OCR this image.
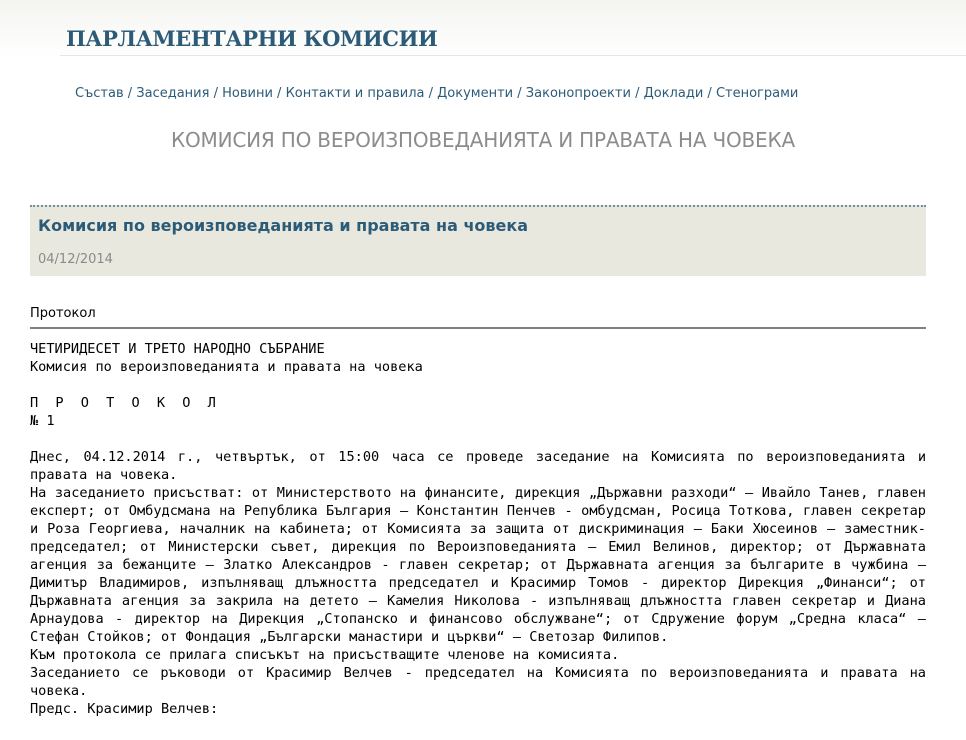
ПАРЛАМЕНТАРНИ КОМИСИИ
Състав / Заседания / Новини / Контакти и правила / Документи / Законопроекти / Доклади / Стенограми
КОМИСИЯ ПО ВЕРОИЗПОВЕДАНИЯТА И ПРАВАТА НА ЧОВЕКА
Комисия по вероизповеданията и правата на човека
04/12/2014
Протокол

ЧЕТИРИДЕСЕТ И ТРЕТО НАРОДНО СЪБРАНИЕ

Комисия по вероизповеданията и правата на човека

П Р О Т О К О Л

№ 1

Днес, 04.12.2014 г., четвъртък, от 15:00 часа се проведе заседание на Комисията по вероизповеданията и правата на човека.

На заседанието присъстват: от Министерството на финансите, дирекция „Държавни разходи“ – Ивайло Танев, главен експерт; от Омбудсмана на Република България – Константин Пенчев - омбудсман, Росица Тоткова, главен секретар и Роза Георгиева, началник на кабинета; от Комисията за защита от дискриминация – Баки Хюсеинов – заместник- председател; от Министерски съвет, дирекция по Вероизповеданията – Емил Велинов, директор; от Държавната агенция за бежанците – Златко Александров - главен секретар; от Държавната агенция за българите в чужбина – Димитър Владимиров, изпълняващ длъжността председател и Красимир Томов - директор Дирекция „Финанси“; от Държавната агенция за закрила на детето – Камелия Николова - изпълняващ длъжността главен секретар и Диана Арнаудова - директор на Дирекция „Стопанско и финансово обслужване“; от Сдружение форум „Средна класа“ – Стефан Стойков; от Фондация „Български манастири и църкви“ – Светозар Филипов.

Към протокола се прилага списъкът на присъстващите членове на комисията.

Заседанието се ръководи от Красимир Велчев - председател на Комисията по вероизповеданията и правата на човека.

Предс. Красимир Велчев:
